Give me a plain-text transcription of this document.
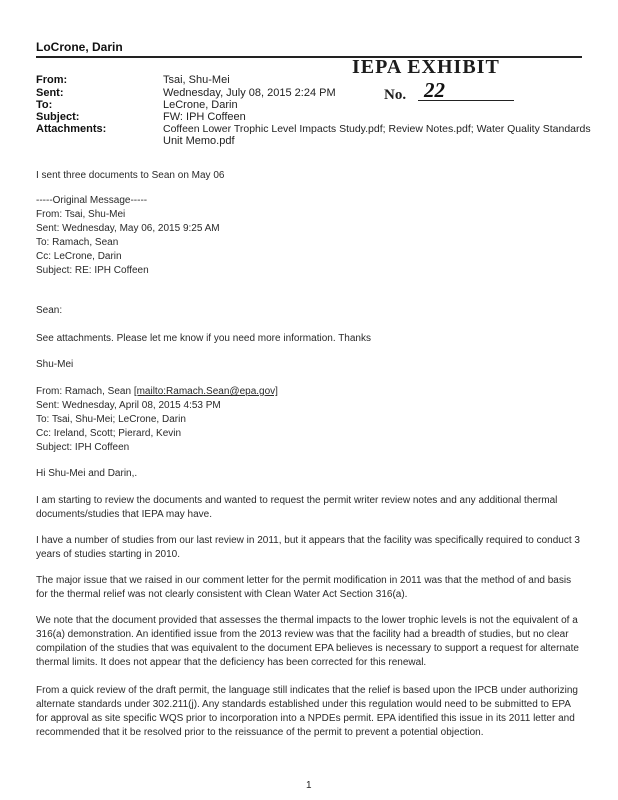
LoCrone, Darin
IEPA EXHIBIT
No. 22
From:	Tsai, Shu-Mei
Sent:	Wednesday, July 08, 2015 2:24 PM
To:	LeCrone, Darin
Subject:	FW: IPH Coffeen
Attachments:	Coffeen Lower Trophic Level Impacts Study.pdf; Review Notes.pdf; Water Quality Standards
Unit Memo.pdf
I sent three documents to Sean on May 06
-----Original Message-----
From: Tsai, Shu-Mei
Sent: Wednesday, May 06, 2015 9:25 AM
To: Ramach, Sean
Cc: LeCrone, Darin
Subject: RE: IPH Coffeen
Sean:
See attachments. Please let me know if you need more information. Thanks
Shu-Mei
From: Ramach, Sean [mailto:Ramach.Sean@epa.gov]
Sent: Wednesday, April 08, 2015 4:53 PM
To: Tsai, Shu-Mei; LeCrone, Darin
Cc: Ireland, Scott; Pierard, Kevin
Subject: IPH Coffeen
Hi Shu-Mei and Darin,.
I am starting to review the documents and wanted to request the permit writer review notes and any additional thermal documents/studies that IEPA may have.
I have a number of studies from our last review in 2011, but it appears that the facility was specifically required to conduct 3 years of studies starting in 2010.
The major issue that we raised in our comment letter for the permit modification in 2011 was that the method of and basis for the thermal relief was not clearly consistent with Clean Water Act Section 316(a).
We note that the document provided that assesses the thermal impacts to the lower trophic levels is not the equivalent of a 316(a) demonstration. An identified issue from the 2013 review was that the facility had a breadth of studies, but no clear compilation of the studies that was equivalent to the document EPA believes is necessary to support a request for alternate thermal limits. It does not appear that the deficiency has been corrected for this renewal.
From a quick review of the draft permit, the language still indicates that the relief is based upon the IPCB under authorizing alternate standards under 302.211(j). Any standards established under this regulation would need to be submitted to EPA for approval as site specific WQS prior to incorporation into a NPDEs permit. EPA identified this issue in its 2011 letter and recommended that it be resolved prior to the reissuance of the permit to prevent a potential objection.
1
